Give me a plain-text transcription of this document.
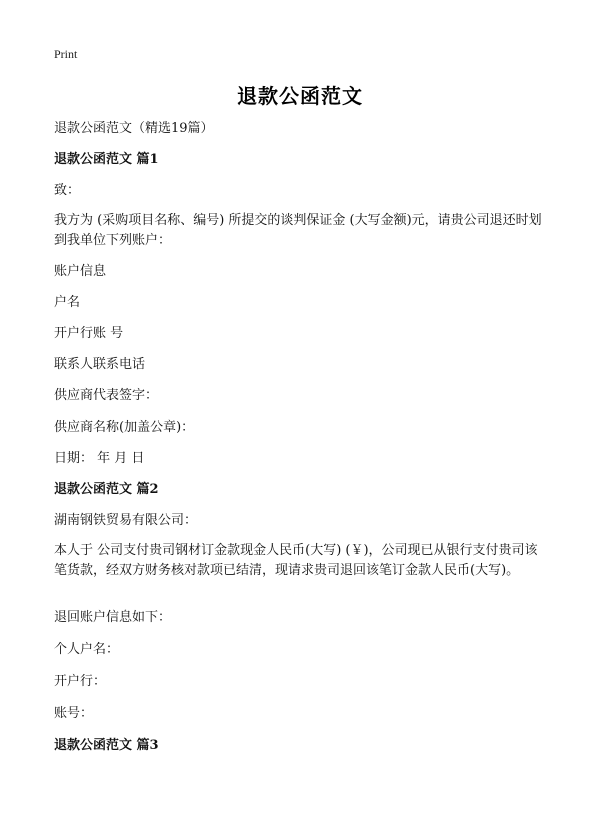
Print
退款公函范文
退款公函范文（精选19篇）
退款公函范文 篇1
致：
我方为 (采购项目名称、编号) 所提交的谈判保证金 (大写金额)元，请贵公司退还时划到我单位下列账户：
账户信息
户名
开户行账 号
联系人联系电话
供应商代表签字：
供应商名称(加盖公章)：
日期： 年 月 日
退款公函范文 篇2
湖南钢铁贸易有限公司：
本人于 公司支付贵司钢材订金款现金人民币(大写) (￥)，公司现已从银行支付贵司该笔货款，经双方财务核对款项已结清，现请求贵司退回该笔订金款人民币(大写)。
退回账户信息如下：
个人户名：
开户行：
账号：
退款公函范文 篇3
